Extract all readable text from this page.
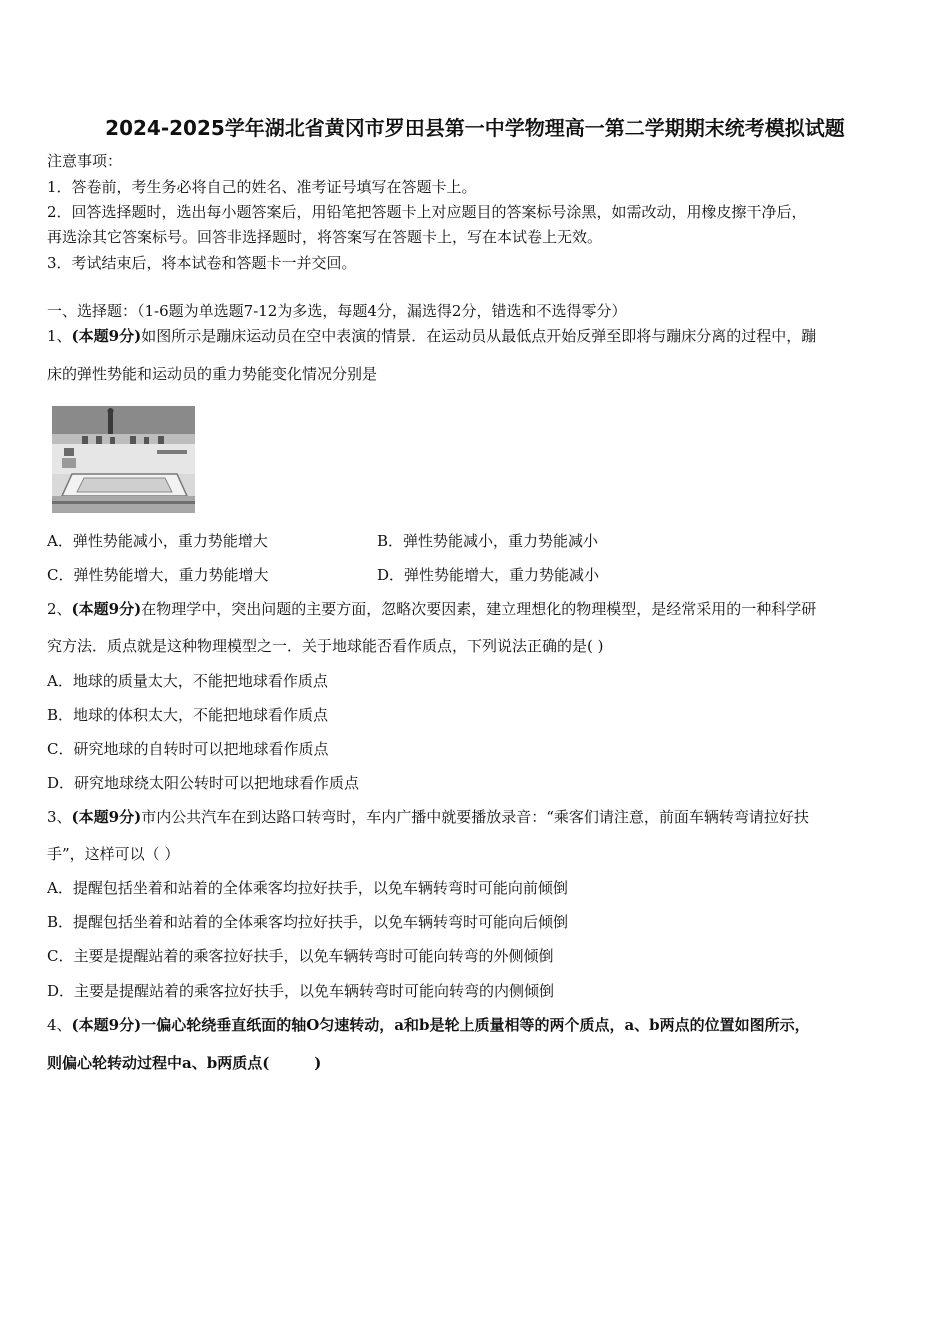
2024-2025学年湖北省黄冈市罗田县第一中学物理高一第二学期期末统考模拟试题
注意事项：
1．答卷前，考生务必将自己的姓名、准考证号填写在答题卡上。
2．回答选择题时，选出每小题答案后，用铅笔把答题卡上对应题目的答案标号涂黑，如需改动，用橡皮擦干净后，
再选涂其它答案标号。回答非选择题时，将答案写在答题卡上，写在本试卷上无效。
3．考试结束后，将本试卷和答题卡一并交回。
一、选择题：（1-6题为单选题7-12为多选，每题4分，漏选得2分，错选和不选得零分）
1、(本题9分)如图所示是蹦床运动员在空中表演的情景．在运动员从最低点开始反弹至即将与蹦床分离的过程中，蹦
床的弹性势能和运动员的重力势能变化情况分别是
A．弹性势能减小，重力势能增大	B．弹性势能减小，重力势能减小
C．弹性势能增大，重力势能增大	D．弹性势能增大，重力势能减小
2、(本题9分)在物理学中，突出问题的主要方面，忽略次要因素，建立理想化的物理模型，是经常采用的一种科学研
究方法．质点就是这种物理模型之一．关于地球能否看作质点，下列说法正确的是( )
A．地球的质量太大，不能把地球看作质点
B．地球的体积太大，不能把地球看作质点
C．研究地球的自转时可以把地球看作质点
D．研究地球绕太阳公转时可以把地球看作质点
3、(本题9分)市内公共汽车在到达路口转弯时，车内广播中就要播放录音：“乘客们请注意，前面车辆转弯请拉好扶
手”，这样可以（ ）
A．提醒包括坐着和站着的全体乘客均拉好扶手，以免车辆转弯时可能向前倾倒
B．提醒包括坐着和站着的全体乘客均拉好扶手，以免车辆转弯时可能向后倾倒
C．主要是提醒站着的乘客拉好扶手，以免车辆转弯时可能向转弯的外侧倾倒
D．主要是提醒站着的乘客拉好扶手，以免车辆转弯时可能向转弯的内侧倾倒
4、(本题9分)一偏心轮绕垂直纸面的轴O匀速转动，a和b是轮上质量相等的两个质点，a、b两点的位置如图所示，
则偏心轮转动过程中a、b两质点(　　　)
